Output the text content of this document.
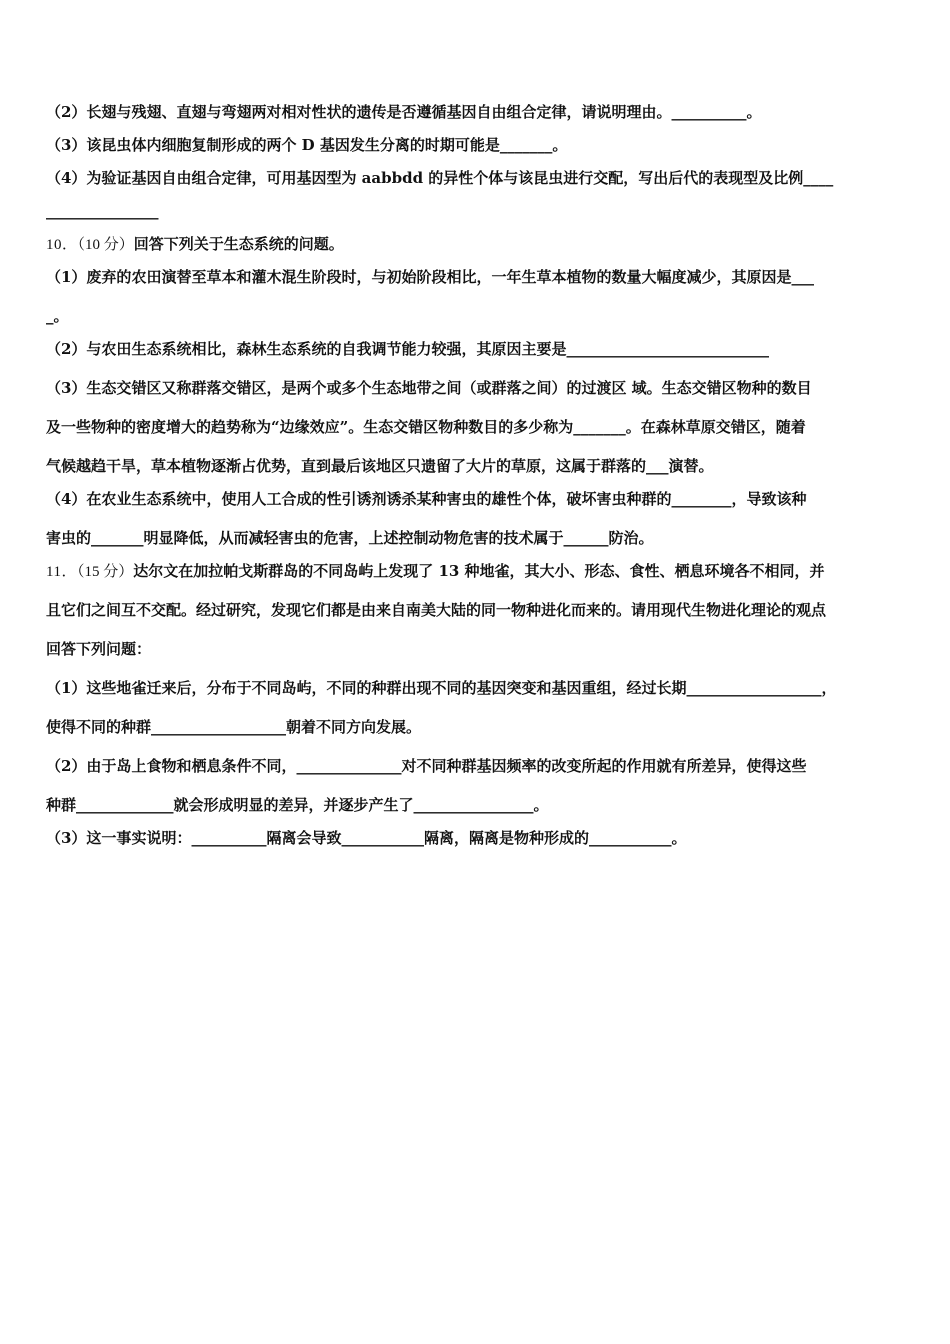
（2）长翅与残翅、直翅与弯翅两对相对性状的遗传是否遵循基因自由组合定律，请说明理由。__________。
（3）该昆虫体内细胞复制形成的两个 D 基因发生分离的时期可能是_______。
（4）为验证基因自由组合定律，可用基因型为 aabbdd 的异性个体与该昆虫进行交配，写出后代的表现型及比例____
_______________
10．（10 分）回答下列关于生态系统的问题。
（1）废弃的农田演替至草本和灌木混生阶段时，与初始阶段相比，一年生草本植物的数量大幅度减少，其原因是___
_。
（2）与农田生态系统相比，森林生态系统的自我调节能力较强，其原因主要是___________________________
（3）生态交错区又称群落交错区，是两个或多个生态地带之间（或群落之间）的过渡区 域。生态交错区物种的数目
及一些物种的密度增大的趋势称为“边缘效应”。生态交错区物种数目的多少称为_______。在森林草原交错区，随着
气候越趋干旱，草本植物逐渐占优势，直到最后该地区只遗留了大片的草原，这属于群落的___演替。
（4）在农业生态系统中，使用人工合成的性引诱剂诱杀某种害虫的雄性个体，破坏害虫种群的________，导致该种
害虫的_______明显降低，从而减轻害虫的危害，上述控制动物危害的技术属于______防治。
11．（15 分）达尔文在加拉帕戈斯群岛的不同岛屿上发现了 13 种地雀，其大小、形态、食性、栖息环境各不相同，并
且它们之间互不交配。经过研究，发现它们都是由来自南美大陆的同一物种进化而来的。请用现代生物进化理论的观点
回答下列问题：
（1）这些地雀迁来后，分布于不同岛屿，不同的种群出现不同的基因突变和基因重组，经过长期__________________，
使得不同的种群__________________朝着不同方向发展。
（2）由于岛上食物和栖息条件不同，______________对不同种群基因频率的改变所起的作用就有所差异，使得这些
种群_____________就会形成明显的差异，并逐步产生了________________。
（3）这一事实说明：__________隔离会导致___________隔离，隔离是物种形成的___________。
